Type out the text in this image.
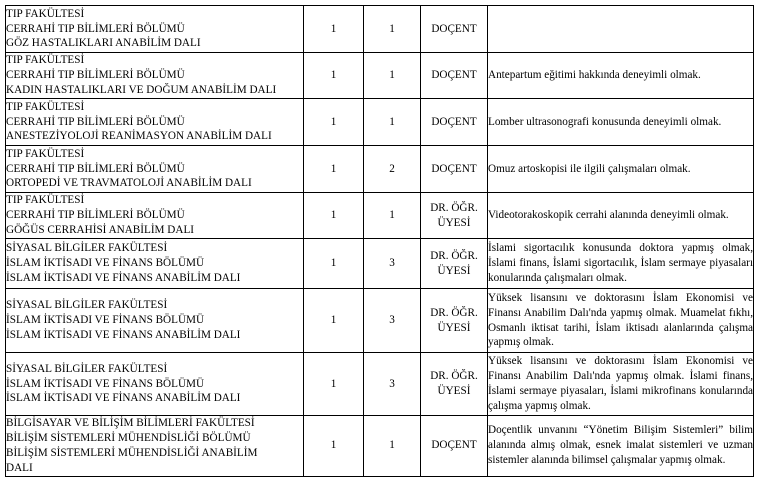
TIP FAKÜLTESİ
CERRAHİ TIP BİLİMLERİ BÖLÜMÜ
GÖZ HASTALIKLARI ANABİLİM DALI	1	1	DOÇENT	

TIP FAKÜLTESİ
CERRAHİ TIP BİLİMLERİ BÖLÜMÜ
KADIN HASTALIKLARI VE DOĞUM ANABİLİM DALI	1	1	DOÇENT	Antepartum eğitimi hakkında deneyimli olmak.

TIP FAKÜLTESİ
CERRAHİ TIP BİLİMLERİ BÖLÜMÜ
ANESTEZİYOLOJİ REANİMASYON ANABİLİM DALI	1	1	DOÇENT	Lomber ultrasonografi konusunda deneyimli olmak.

TIP FAKÜLTESİ
CERRAHİ TIP BİLİMLERİ BÖLÜMÜ
ORTOPEDİ VE TRAVMATOLOJİ ANABİLİM DALI	1	2	DOÇENT	Omuz artoskopisi ile ilgili çalışmaları olmak.

TIP FAKÜLTESİ
CERRAHİ TIP BİLİMLERİ BÖLÜMÜ
GÖĞÜS CERRAHİSİ ANABİLİM DALI	1	1	DR. ÖĞR. ÜYESİ	Videotorakoskopik cerrahi alanında deneyimli olmak.

SİYASAL BİLGİLER FAKÜLTESİ
İSLAM İKTİSADI VE FİNANS BÖLÜMÜ
İSLAM İKTİSADI VE FİNANS ANABİLİM DALI	1	3	DR. ÖĞR. ÜYESİ	İslami sigortacılık konusunda doktora yapmış olmak, İslami finans, İslami sigortacılık, İslam sermaye piyasaları konularında çalışmaları olmak.

SİYASAL BİLGİLER FAKÜLTESİ
İSLAM İKTİSADI VE FİNANS BÖLÜMÜ
İSLAM İKTİSADI VE FİNANS ANABİLİM DALI	1	3	DR. ÖĞR. ÜYESİ	Yüksek lisansını ve doktorasını İslam Ekonomisi ve Finansı Anabilim Dalı'nda yapmış olmak. Muamelat fıkhı, Osmanlı iktisat tarihi, İslam iktisadı alanlarında çalışma yapmış olmak.

SİYASAL BİLGİLER FAKÜLTESİ
İSLAM İKTİSADI VE FİNANS BÖLÜMÜ
İSLAM İKTİSADI VE FİNANS ANABİLİM DALI	1	3	DR. ÖĞR. ÜYESİ	Yüksek lisansını ve doktorasını İslam Ekonomisi ve Finansı Anabilim Dalı'nda yapmış olmak. İslami finans, İslami sermaye piyasaları, İslami mikrofinans konularında çalışma yapmış olmak.

BİLGİSAYAR VE BİLİŞİM BİLİMLERİ FAKÜLTESİ
BİLİŞİM SİSTEMLERİ MÜHENDİSLİĞİ BÖLÜMÜ
BİLİŞİM SİSTEMLERİ MÜHENDİSLİĞİ ANABİLİM
DALI	1	1	DOÇENT	Doçentlik unvanını “Yönetim Bilişim Sistemleri” bilim alanında almış olmak, esnek imalat sistemleri ve uzman sistemler alanında bilimsel çalışmalar yapmış olmak.
